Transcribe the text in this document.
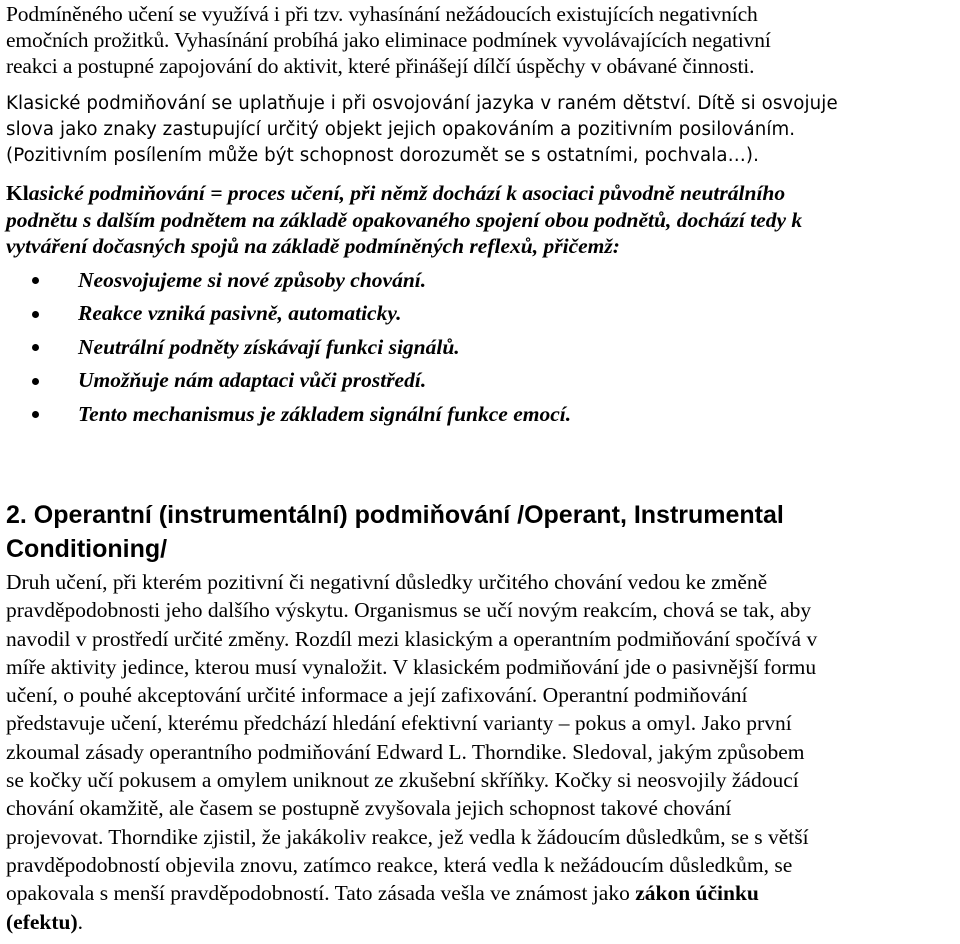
Podmíněného učení se využívá i při tzv. vyhasínání nežádoucích existujících negativních
emočních prožitků. Vyhasínání probíhá jako eliminace podmínek vyvolávajících negativní
reakci a postupné zapojování do aktivit, které přinášejí dílčí úspěchy v obávané činnosti.

Klasické podmiňování se uplatňuje i při osvojování jazyka v raném dětství. Dítě si osvojuje
slova jako znaky zastupující určitý objekt jejich opakováním a pozitivním posilováním.
(Pozitivním posílením může být schopnost dorozumět se s ostatními, pochvala…).

Klasické podmiňování = proces učení, při němž dochází k asociaci původně neutrálního
podnětu s dalším podnětem na základě opakovaného spojení obou podnětů, dochází tedy k
vytváření dočasných spojů na základě podmíněných reflexů, přičemž:

Neosvojujeme si nové způsoby chování.
Reakce vzniká pasivně, automaticky.
Neutrální podněty získávají funkci signálů.
Umožňuje nám adaptaci vůči prostředí.
Tento mechanismus je základem signální funkce emocí.
2. Operantní (instrumentální) podmiňování /Operant, Instrumental
Conditioning/

Druh učení, při kterém pozitivní či negativní důsledky určitého chování vedou ke změně
pravděpodobnosti jeho dalšího výskytu. Organismus se učí novým reakcím, chová se tak, aby
navodil v prostředí určité změny. Rozdíl mezi klasickým a operantním podmiňování spočívá v
míře aktivity jedince, kterou musí vynaložit. V klasickém podmiňování jde o pasivnější formu
učení, o pouhé akceptování určité informace a její zafixování. Operantní podmiňování
představuje učení, kterému předchází hledání efektivní varianty – pokus a omyl. Jako první
zkoumal zásady operantního podmiňování Edward L. Thorndike. Sledoval, jakým způsobem
se kočky učí pokusem a omylem uniknout ze zkušební skříňky. Kočky si neosvojily žádoucí
chování okamžitě, ale časem se postupně zvyšovala jejich schopnost takové chování
projevovat. Thorndike zjistil, že jakákoliv reakce, jež vedla k žádoucím důsledkům, se s větší
pravděpodobností objevila znovu, zatímco reakce, která vedla k nežádoucím důsledkům, se
opakovala s menší pravděpodobností. Tato zásada vešla ve známost jako zákon účinku
(efektu).
